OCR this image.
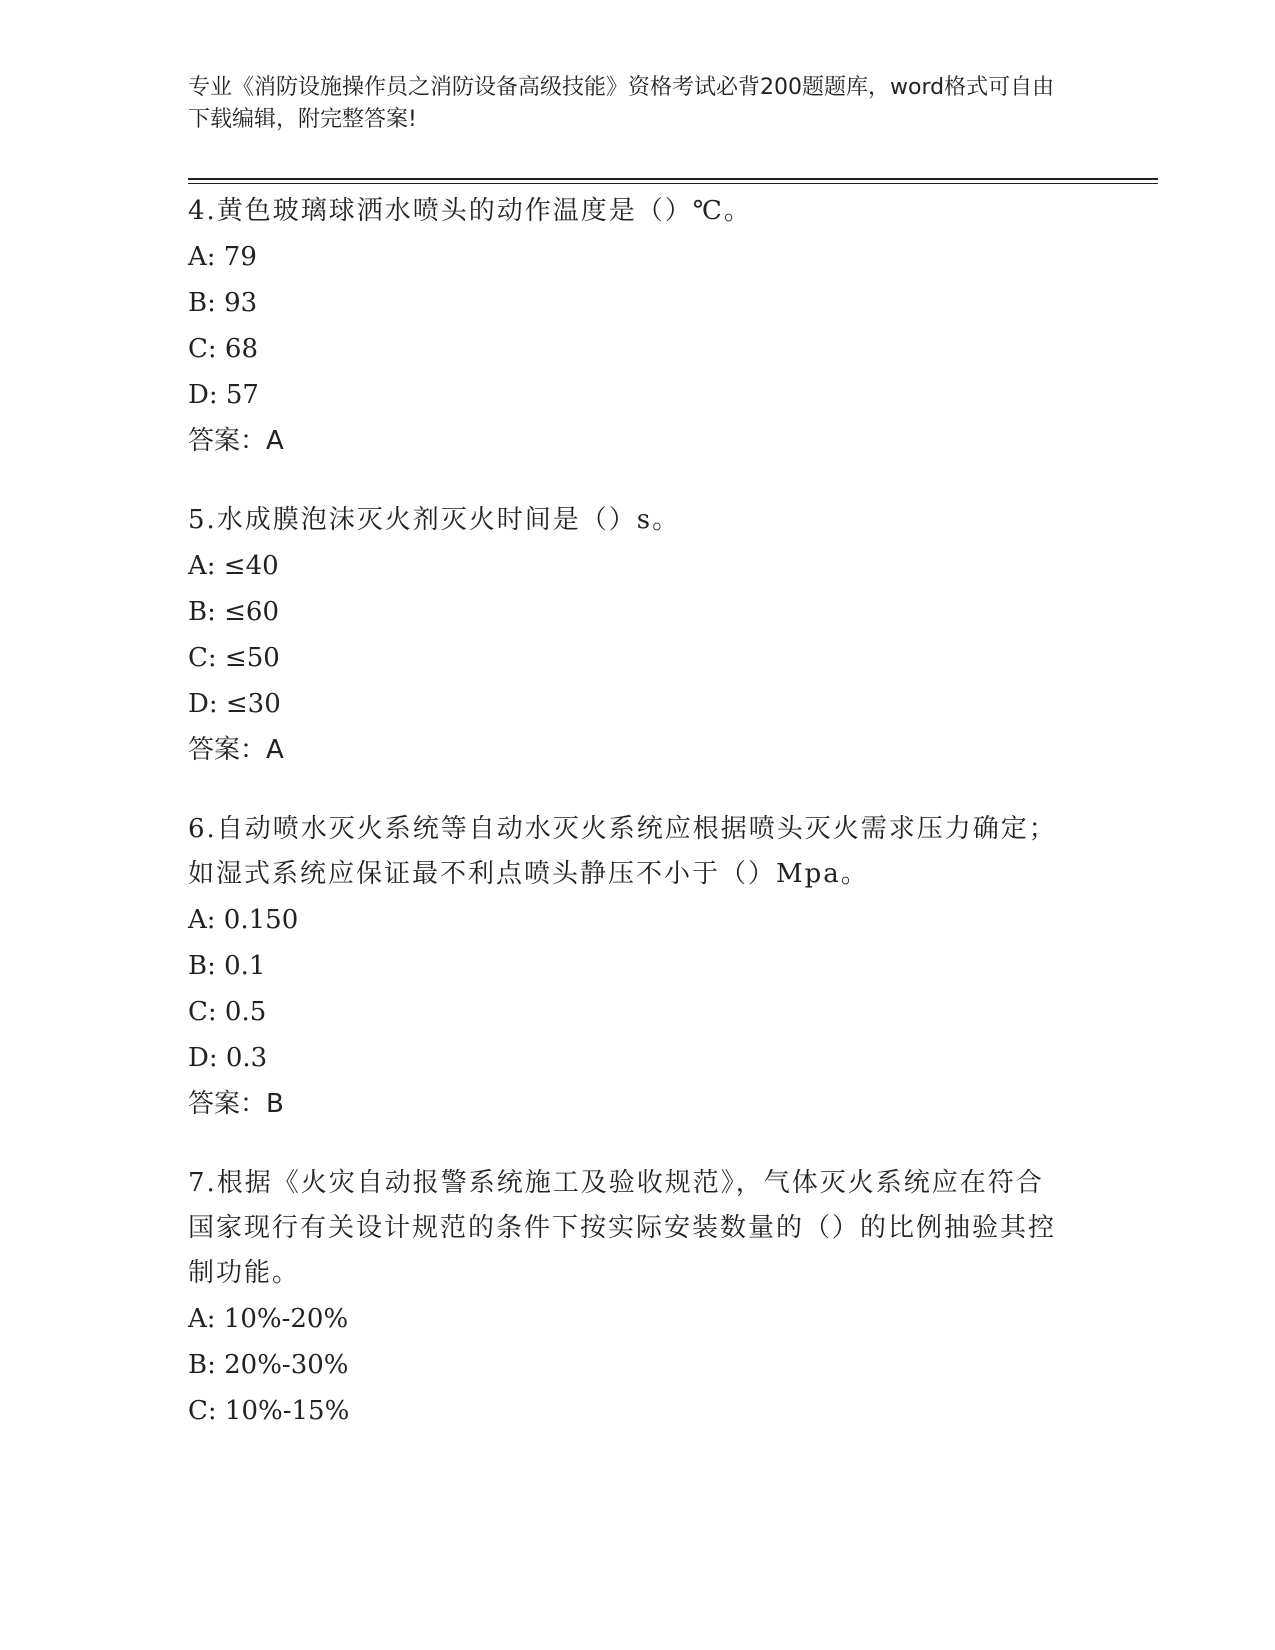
专业《消防设施操作员之消防设备高级技能》资格考试必背200题题库，word格式可自由下载编辑，附完整答案!

4.黄色玻璃球洒水喷头的动作温度是（）℃。

A: 79

B: 93

C: 68

D: 57

答案：A

5.水成膜泡沫灭火剂灭火时间是（）s。

A: ≤40

B: ≤60

C: ≤50

D: ≤30

答案：A

6.自动喷水灭火系统等自动水灭火系统应根据喷头灭火需求压力确定；如湿式系统应保证最不利点喷头静压不小于（）Mpa。

A: 0.150

B: 0.1

C: 0.5

D: 0.3

答案：B

7.根据《火灾自动报警系统施工及验收规范》，气体灭火系统应在符合国家现行有关设计规范的条件下按实际安装数量的（）的比例抽验其控制功能。

A: 10%-20%

B: 20%-30%

C: 10%-15%
